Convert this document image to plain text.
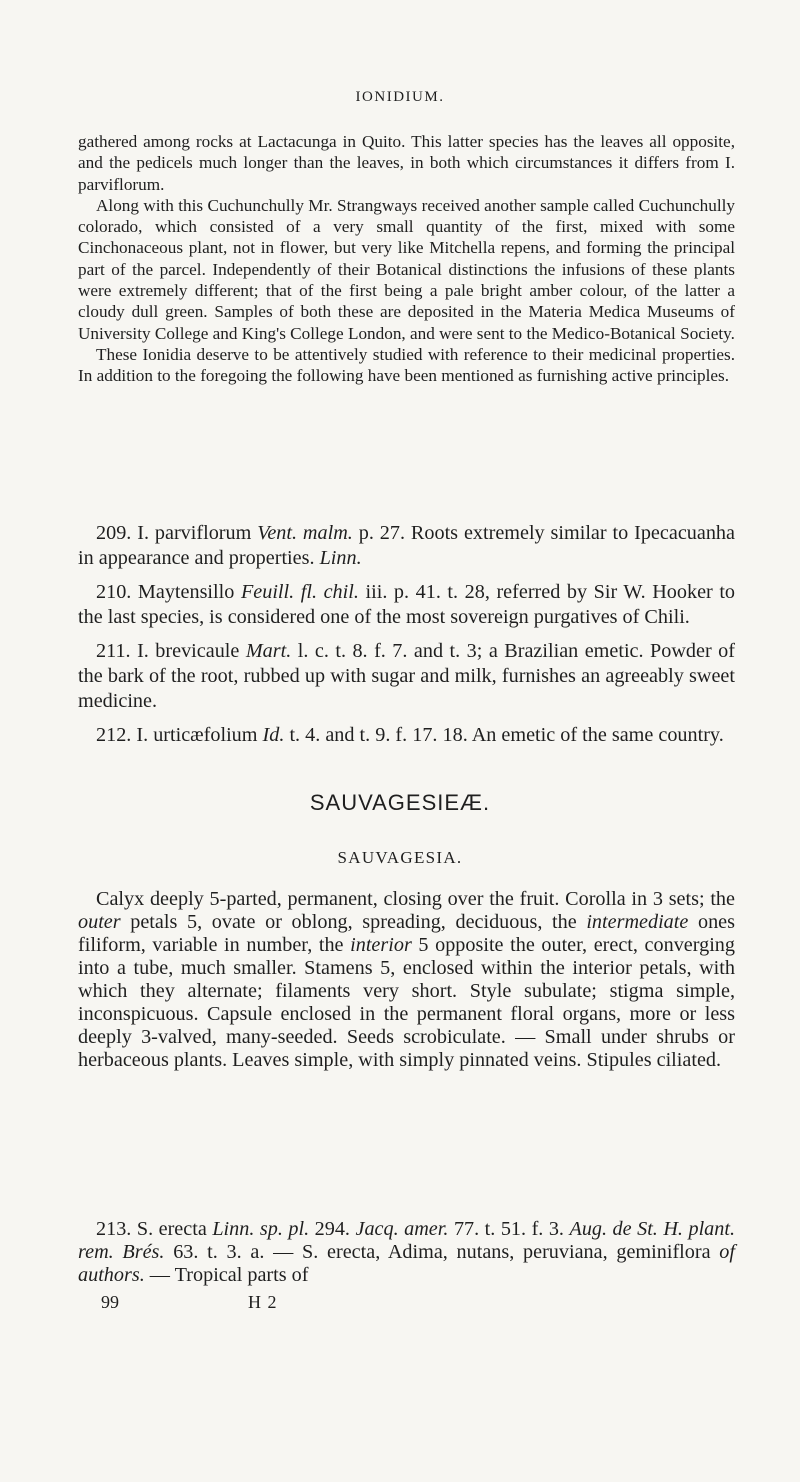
IONIDIUM.

gathered among rocks at Lactacunga in Quito. This latter species has the leaves all opposite, and the pedicels much longer than the leaves, in both which circumstances it differs from I. parviflorum.

Along with this Cuchunchully Mr. Strangways received another sample called Cuchunchully colorado, which consisted of a very small quantity of the first, mixed with some Cinchonaceous plant, not in flower, but very like Mitchella repens, and forming the principal part of the parcel. Independently of their Botanical distinctions the infusions of these plants were extremely different; that of the first being a pale bright amber colour, of the latter a cloudy dull green. Samples of both these are deposited in the Materia Medica Museums of University College and King's College London, and were sent to the Medico-Botanical Society.

These Ionidia deserve to be attentively studied with reference to their medicinal properties. In addition to the foregoing the following have been mentioned as furnishing active principles.

209. I. parviflorum Vent. malm. p. 27. Roots extremely similar to Ipecacuanha in appearance and properties. Linn.

210. Maytensillo Feuill. fl. chil. iii. p. 41. t. 28, referred by Sir W. Hooker to the last species, is considered one of the most sovereign purgatives of Chili.

211. I. brevicaule Mart. l. c. t. 8. f. 7. and t. 3; a Brazilian emetic. Powder of the bark of the root, rubbed up with sugar and milk, furnishes an agreeably sweet medicine.

212. I. urticæfolium Id. t. 4. and t. 9. f. 17. 18. An emetic of the same country.

SAUVAGESIEÆ.
SAUVAGESIA.

Calyx deeply 5-parted, permanent, closing over the fruit. Corolla in 3 sets; the outer petals 5, ovate or oblong, spreading, deciduous, the intermediate ones filiform, variable in number, the interior 5 opposite the outer, erect, converging into a tube, much smaller. Stamens 5, enclosed within the interior petals, with which they alternate; filaments very short. Style subulate; stigma simple, inconspicuous. Capsule enclosed in the permanent floral organs, more or less deeply 3-valved, many-seeded. Seeds scrobiculate. — Small under shrubs or herbaceous plants. Leaves simple, with simply pinnated veins. Stipules ciliated.

213. S. erecta Linn. sp. pl. 294. Jacq. amer. 77. t. 51. f. 3. Aug. de St. H. plant. rem. Brés. 63. t. 3. a. — S. erecta, Adima, nutans, peruviana, geminiflora of authors. — Tropical parts of

99	H 2
